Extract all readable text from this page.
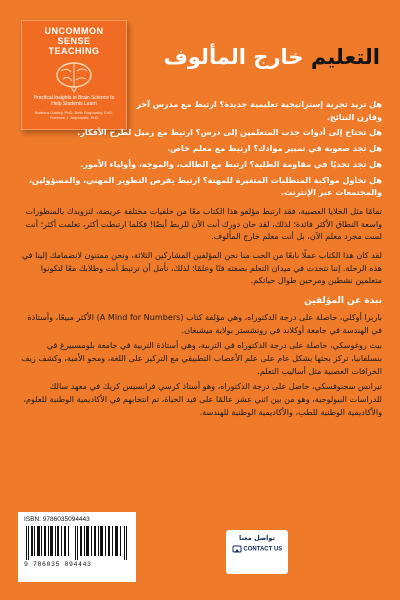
UNCOMMON
SENSE
TEACHING
Practical Insights in Brain Science to Help Students Learn
Barbara Oakley, PhD, Beth Rogowsky, EdD, Terrence J. Sejnowski, PhD
التعليم خارج المألوف
هل تريد تجربة إستراتيجية تعليمية جديدة؟ ارتبط مع مدرس آخر وقارن النتائج.
هل تحتاج إلى أدوات جذب المتعلمين إلى درس؟ ارتبط مع زميل لطرح الأفكار.
هل تجد صعوبة في تمييز موادك؟ ارتبط مع معلم خاص.
هل تجد تحديًا في مقاومة الطلبة؟ ارتبط مع الطالب، والموجه، وأولياء الأمور.
هل تحاول مواكبة المتطلبات المتغيرة للمهنة؟ ارتبط بفرص التطوير المهني، والمسؤولين، والمجتمعات عبر الإنترنت.
تمامًا مثل الخلايا العصبية، فقد ارتبط مؤلفو هذا الكتاب معًا من خلفيات مختلفة عريضة، لتزويدك بالمنظورات واسعة النطاق الأكثر فائدة؛ لذلك، لقد حان دورك أنت الآن للربط أيضًا! فكلما ارتبطت أكثر، تعلمت أكثر؛ أنت لست مجرد معلم الآن، بل أنت معلم خارج المألوف.
لقد كان هذا الكتاب عملًا نابعًا من الحب منا نحن المؤلفين المشاركين الثلاثة، ونحن ممتنون لانضمامك إلينا في هذه الرحلة. إننا نتحدث في ميدان التعلم بصفته فنًا وعلمًا؛ لذلك، نأمل أن ترتبط أنت وطلابك معًا لتكونوا متعلمين نشطين ومرحين طوال حياتكم.
نبذة عن المؤلفين
باربرا أوكلي، حاصلة على درجة الدكتوراه، وهي مؤلفة كتاب (A Mind for Numbers) الأكثر مبيعًا، وأستاذة في الهندسة في جامعة أوكلاند في روتشستر بولاية ميشيغان.
بيث روغوسكي، حاصلة على درجة الدكتوراه في التربية، وهي أستاذة التربية في جامعة بلومسبيرغ في بنسلفانيا، تركز بحثها بشكل عام على علم الأعصاب التطبيقي مع التركيز على اللغة، ومحو الأمية، وكشف زيف الخرافات العصبية مثل أساليب التعلم.
تيرانس سجنوفسكي، حاصل على درجة الدكتوراه، وهو أستاذ كرسي فرانسيس كريك في معهد سالك للدراسات البيولوجية، وهو من بين اثني عشر عالمًا على قيد الحياة، تم انتخابهم في الأكاديمية الوطنية للعلوم، والأكاديمية الوطنية للطب، والأكاديمية الوطنية للهندسة.
ISBN: 9786035094443
9 786035 094443
تواصل معنا
CONTACT US
